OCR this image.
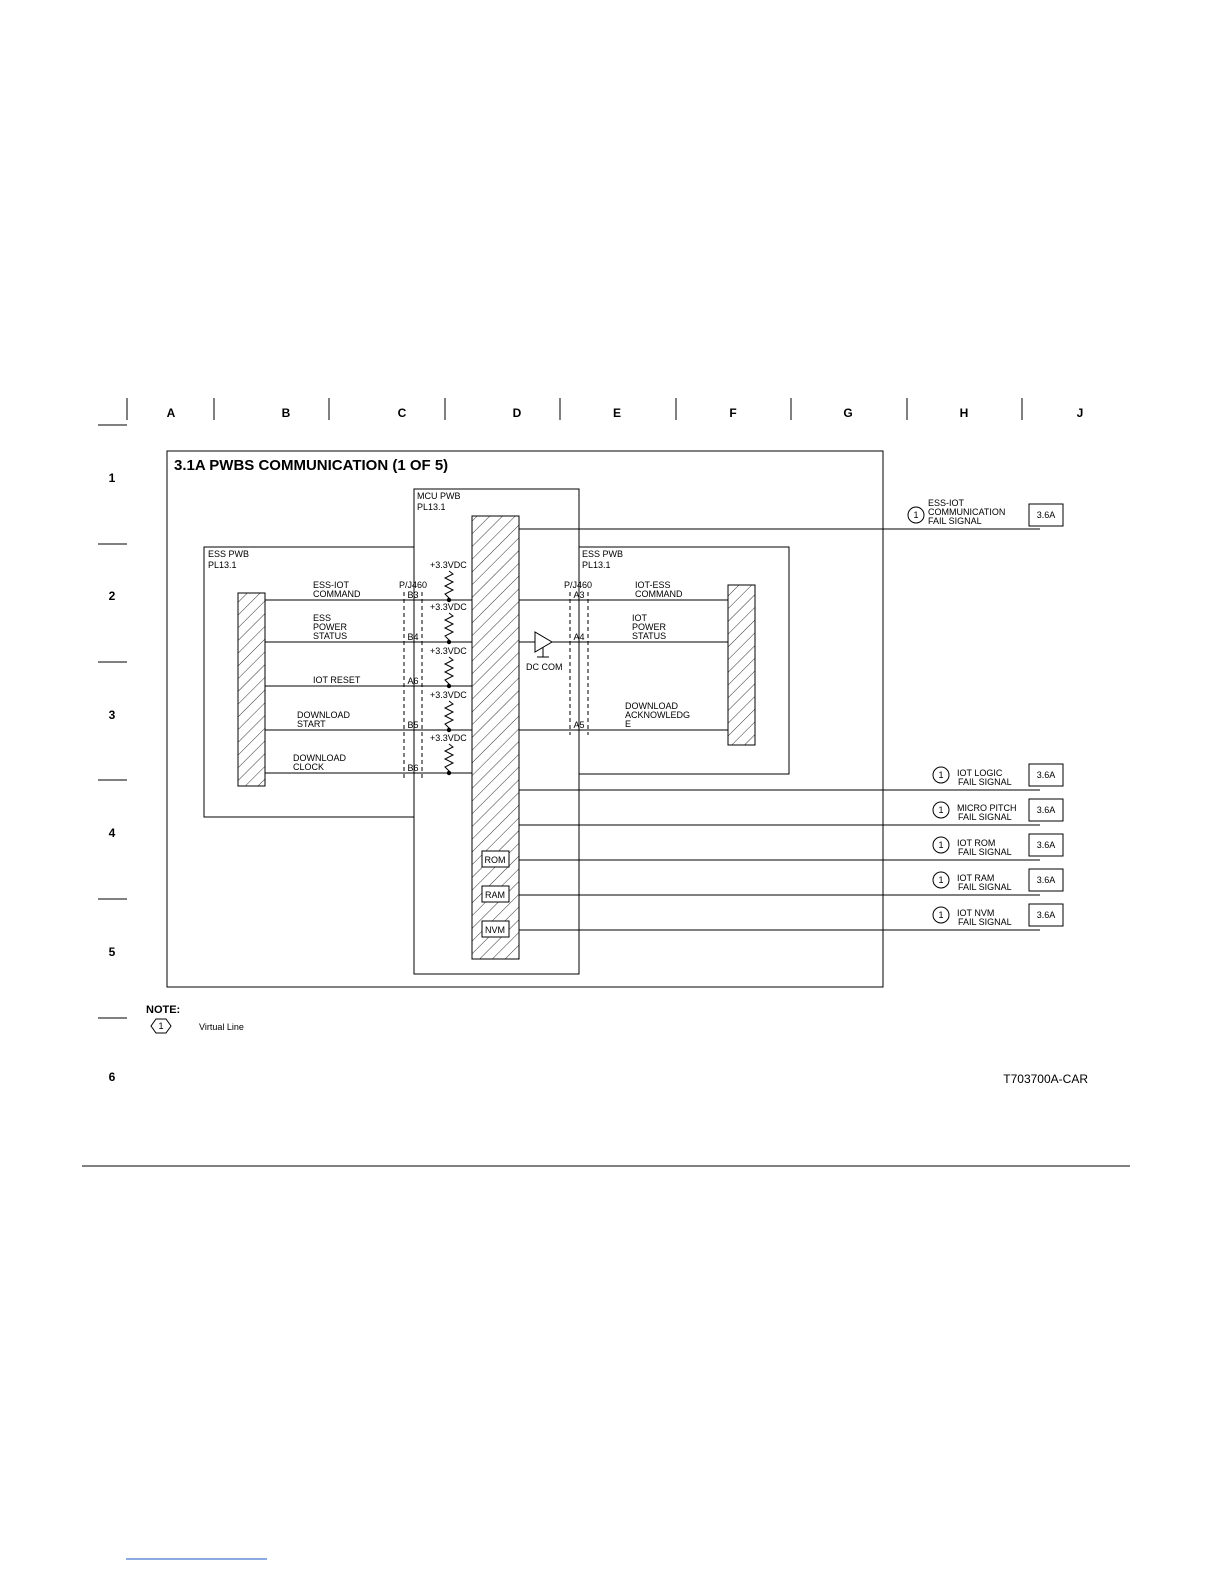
A	B	C	D	E	F	G	H	J
1
2
3
4
5
6
3.1A PWBS COMMUNICATION (1 OF 5)
ESS PWB
PL13.1
ESS PWB
PL13.1
MCU PWB
PL13.1
P/J460	P/J460
ESS-IOT
COMMAND	B3
+3.3VDC
ESS
POWER
STATUS	B4
+3.3VDC
IOT RESET	A6
+3.3VDC
DOWNLOAD
START	B5
+3.3VDC
DOWNLOAD
CLOCK	B6
+3.3VDC
IOT-ESS
COMMAND
A3
IOT
POWER
STATUS
A4
DOWNLOAD
ACKNOWLEDG
E
A5
DC COM
ROM
RAM
NVM
1
ESS-IOT
COMMUNICATION
FAIL SIGNAL
3.6A
1 IOT LOGIC
FAIL SIGNAL
3.6A
1 MICRO PITCH
FAIL SIGNAL
3.6A
1 IOT ROM
FAIL SIGNAL
3.6A
1 IOT RAM
FAIL SIGNAL
3.6A
1 IOT NVM
FAIL SIGNAL
3.6A
NOTE:
1	Virtual Line
T703700A-CAR
